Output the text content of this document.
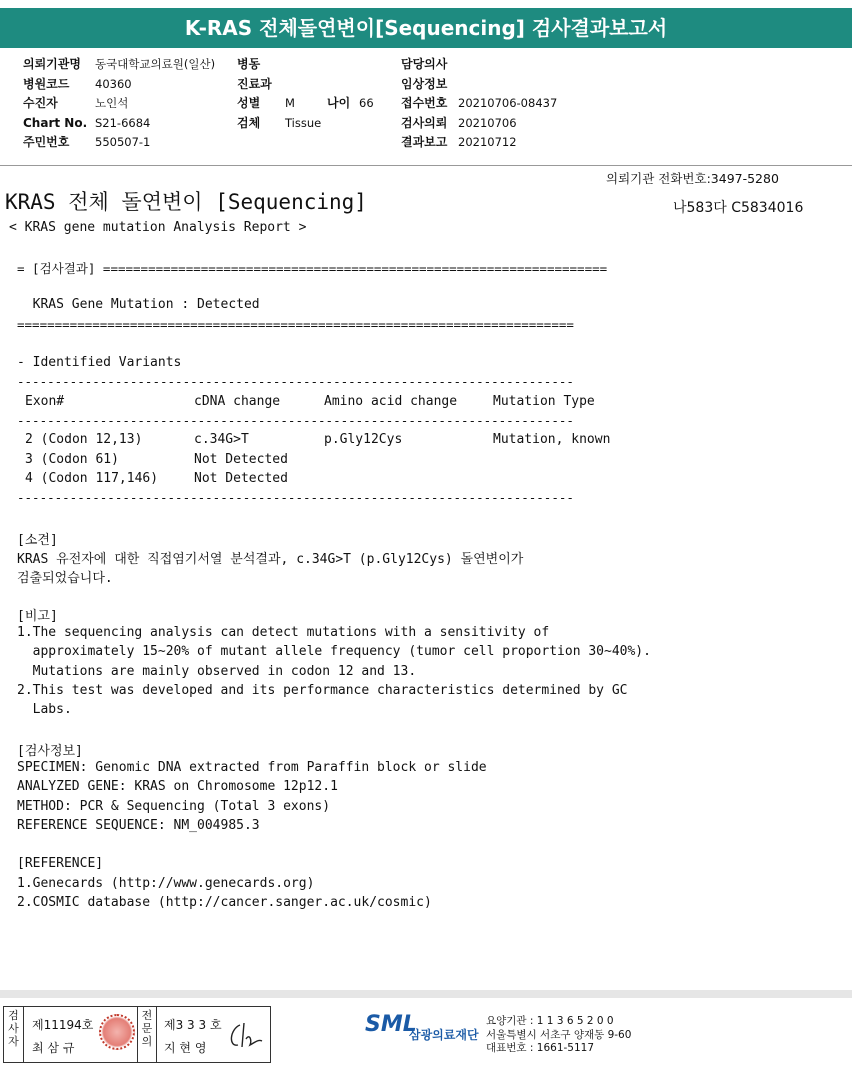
K-RAS 전체돌연변이[Sequencing] 검사결과보고서
의뢰기관명 동국대학교의료원(일산)
병원코드 40360
수진자	노인석
Chart No. S21-6684
주민번호 550507-1
병동
진료과
성별 M	나이 66
검체 Tissue
담당의사
임상정보
접수번호 20210706-08437
검사의뢰 20210706
결과보고 20210712
의뢰기관 전화번호:3497-5280
KRAS 전체 돌연변이 [Sequencing]	나583다 C5834016
< KRAS gene mutation Analysis Report >
= [검사결과] ===================================================================
KRAS Gene Mutation : Detected
==========================================================================
- Identified Variants
--------------------------------------------------------------------------
Exon#	cDNA change	Amino acid change	Mutation Type
--------------------------------------------------------------------------
2 (Codon 12,13)	c.34G>T	p.Gly12Cys	Mutation, known
3 (Codon 61)	Not Detected
4 (Codon 117,146)	Not Detected
--------------------------------------------------------------------------
[소견]
KRAS 유전자에 대한 직접염기서열 분석결과, c.34G>T (p.Gly12Cys) 돌연변이가
검출되었습니다.
[비고]
1.The sequencing analysis can detect mutations with a sensitivity of
approximately 15~20% of mutant allele frequency (tumor cell proportion 30~40%).
Mutations are mainly observed in codon 12 and 13.
2.This test was developed and its performance characteristics determined by GC
Labs.
[검사정보]
SPECIMEN: Genomic DNA extracted from Paraffin block or slide
ANALYZED GENE: KRAS on Chromosome 12p12.1
METHOD: PCR & Sequencing (Total 3 exons)
REFERENCE SEQUENCE: NM_004985.3
[REFERENCE]
1.Genecards (http://www.genecards.org)
2.COSMIC database (http://cancer.sanger.ac.uk/cosmic)
검
사
자
제11194호
최 삼 규
전
문
의
제3 3 3 호
지 현 영
SML
삼광의료재단
요양기관 : 1 1 3 6 5 2 0 0
서울특별시 서초구 양재동 9-60
대표번호 : 1661-5117
